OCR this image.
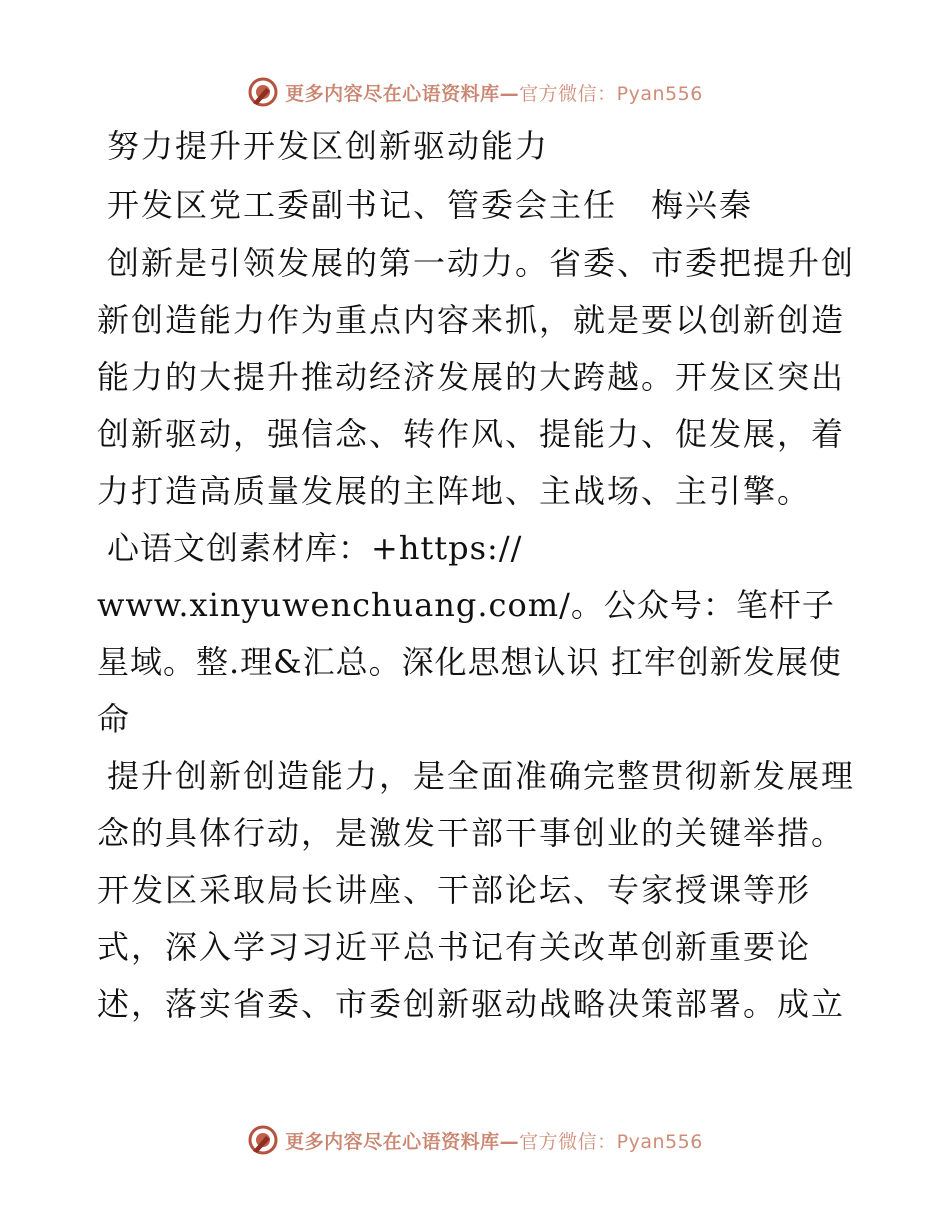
更多内容尽在心语资料库—官方微信：Pyan556

努力提升开发区创新驱动能力

开发区党工委副书记、管委会主任　梅兴秦

创新是引领发展的第一动力。省委、市委把提升创新创造能力作为重点内容来抓，就是要以创新创造能力的大提升推动经济发展的大跨越。开发区突出创新驱动，强信念、转作风、提能力、促发展，着力打造高质量发展的主阵地、主战场、主引擎。

心语文创素材库：+https://

www.xinyuwenchuang.com/。公众号：笔杆子星域。整.理&汇总。深化思想认识 扛牢创新发展使命

提升创新创造能力，是全面准确完整贯彻新发展理念的具体行动，是激发干部干事创业的关键举措。开发区采取局长讲座、干部论坛、专家授课等形式，深入学习习近平总书记有关改革创新重要论述，落实省委、市委创新驱动战略决策部署。成立

更多内容尽在心语资料库—官方微信：Pyan556
